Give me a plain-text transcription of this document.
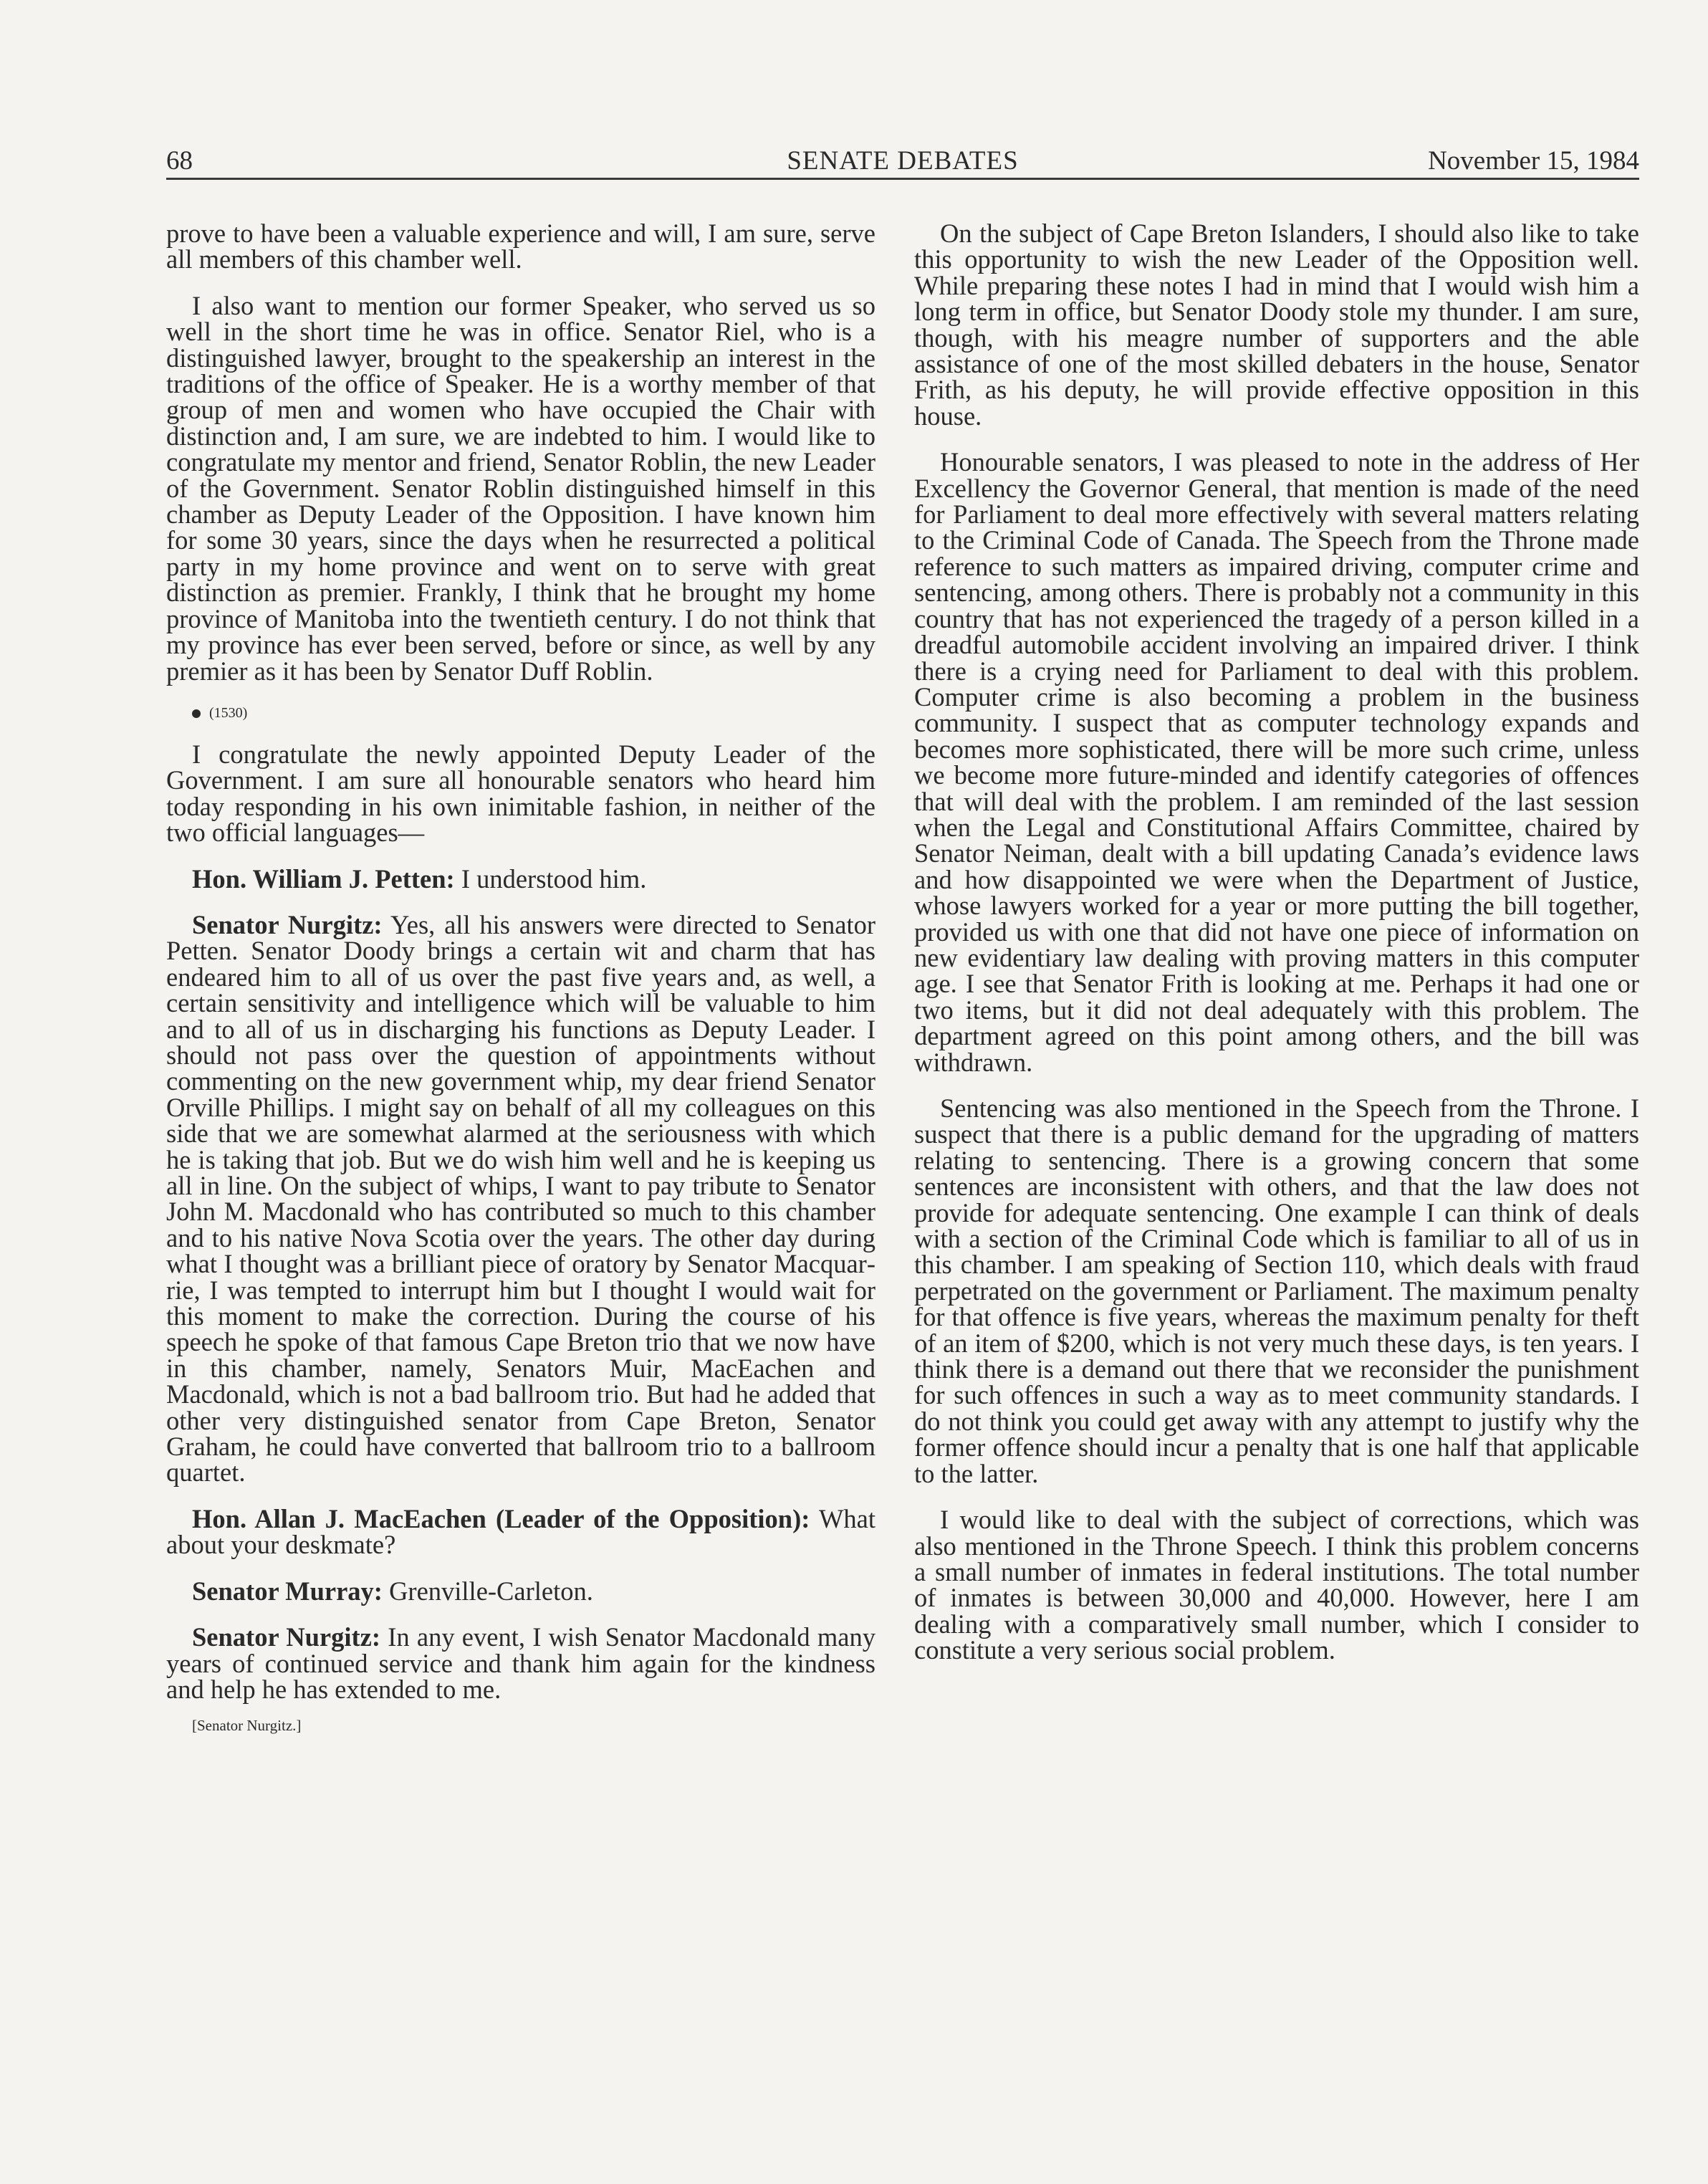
68	SENATE DEBATES	November 15, 1984

prove to have been a valuable experience and will, I am sure, serve all members of this chamber well.

I also want to mention our former Speaker, who served us so well in the short time he was in office. Senator Riel, who is a distinguished lawyer, brought to the speakership an interest in the traditions of the office of Speaker. He is a worthy member of that group of men and women who have occupied the Chair with distinction and, I am sure, we are indebted to him. I would like to congratulate my mentor and friend, Senator Roblin, the new Leader of the Government. Senator Roblin distinguished himself in this chamber as Deputy Leader of the Opposition. I have known him for some 30 years, since the days when he resurrected a political party in my home province and went on to serve with great distinction as premier. Frankly, I think that he brought my home province of Manitoba into the twentieth century. I do not think that my province has ever been served, before or since, as well by any premier as it has been by Senator Duff Roblin.

(1530)

I congratulate the newly appointed Deputy Leader of the Government. I am sure all honourable senators who heard him today responding in his own inimitable fashion, in neither of the two official languages—

Hon. William J. Petten: I understood him.

Senator Nurgitz: Yes, all his answers were directed to Senator Petten. Senator Doody brings a certain wit and charm that has endeared him to all of us over the past five years and, as well, a certain sensitivity and intelligence which will be valuable to him and to all of us in discharging his functions as Deputy Leader. I should not pass over the question of appointments without commenting on the new government whip, my dear friend Senator Orville Phillips. I might say on behalf of all my colleagues on this side that we are somewhat alarmed at the seriousness with which he is taking that job. But we do wish him well and he is keeping us all in line. On the subject of whips, I want to pay tribute to Senator John M. Macdonald who has contributed so much to this chamber and to his native Nova Scotia over the years. The other day during what I thought was a brilliant piece of oratory by Senator Macquarrie, I was tempted to interrupt him but I thought I would wait for this moment to make the correction. During the course of his speech he spoke of that famous Cape Breton trio that we now have in this chamber, namely, Senators Muir, MacEachen and Macdonald, which is not a bad ballroom trio. But had he added that other very distinguished senator from Cape Breton, Senator Graham, he could have converted that ballroom trio to a ballroom quartet.

Hon. Allan J. MacEachen (Leader of the Opposition): What about your deskmate?

Senator Murray: Grenville-Carleton.

Senator Nurgitz: In any event, I wish Senator Macdonald many years of continued service and thank him again for the kindness and help he has extended to me.

[Senator Nurgitz.]

On the subject of Cape Breton Islanders, I should also like to take this opportunity to wish the new Leader of the Opposition well. While preparing these notes I had in mind that I would wish him a long term in office, but Senator Doody stole my thunder. I am sure, though, with his meagre number of supporters and the able assistance of one of the most skilled debaters in the house, Senator Frith, as his deputy, he will provide effective opposition in this house.

Honourable senators, I was pleased to note in the address of Her Excellency the Governor General, that mention is made of the need for Parliament to deal more effectively with several matters relating to the Criminal Code of Canada. The Speech from the Throne made reference to such matters as impaired driving, computer crime and sentencing, among others. There is probably not a community in this country that has not experienced the tragedy of a person killed in a dreadful automobile accident involving an impaired driver. I think there is a crying need for Parliament to deal with this problem. Computer crime is also becoming a problem in the business community. I suspect that as computer technology expands and becomes more sophisticated, there will be more such crime, unless we become more future-minded and identify categories of offences that will deal with the problem. I am reminded of the last session when the Legal and Constitutional Affairs Committee, chaired by Senator Neiman, dealt with a bill updating Canada’s evidence laws and how disappointed we were when the Department of Justice, whose lawyers worked for a year or more putting the bill together, provided us with one that did not have one piece of information on new evidentiary law dealing with proving matters in this computer age. I see that Senator Frith is looking at me. Perhaps it had one or two items, but it did not deal adequately with this problem. The department agreed on this point among others, and the bill was withdrawn.

Sentencing was also mentioned in the Speech from the Throne. I suspect that there is a public demand for the upgrading of matters relating to sentencing. There is a growing concern that some sentences are inconsistent with others, and that the law does not provide for adequate sentencing. One example I can think of deals with a section of the Criminal Code which is familiar to all of us in this chamber. I am speaking of Section 110, which deals with fraud perpetrated on the government or Parliament. The maximum penalty for that offence is five years, whereas the maximum penalty for theft of an item of $200, which is not very much these days, is ten years. I think there is a demand out there that we reconsider the punishment for such offences in such a way as to meet community standards. I do not think you could get away with any attempt to justify why the former offence should incur a penalty that is one half that applicable to the latter.

I would like to deal with the subject of corrections, which was also mentioned in the Throne Speech. I think this problem concerns a small number of inmates in federal institutions. The total number of inmates is between 30,000 and 40,000. However, here I am dealing with a comparatively small number, which I consider to constitute a very serious social problem.
